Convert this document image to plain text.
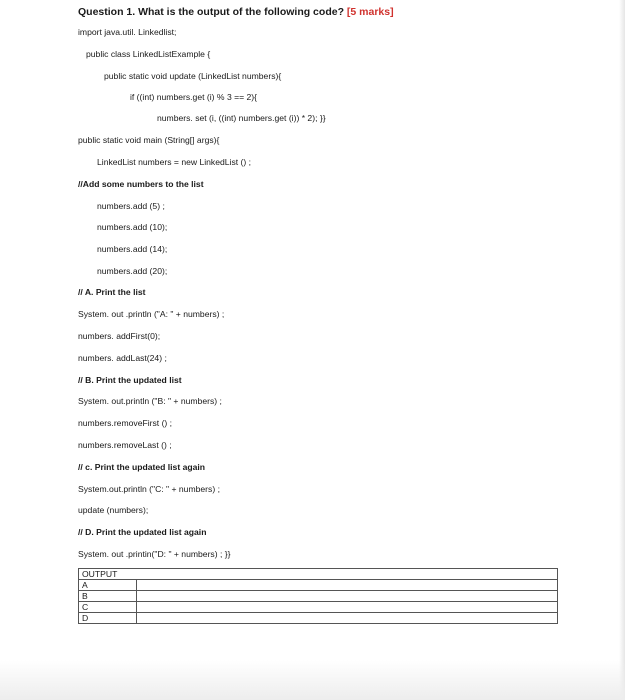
Question 1. What is the output of the following code? [5 marks]
import java.util. Linkedlist;
public class LinkedListExample {
public static void update (LinkedList numbers){
if ((int) numbers.get (i) % 3 == 2){
numbers. set (i, ((int) numbers.get (i)) * 2); }}
public static void main (String[] args){
LinkedList numbers = new LinkedList () ;
//Add some numbers to the list
numbers.add (5) ;
numbers.add (10);
numbers.add (14);
numbers.add (20);
// A. Print the list
System. out .println ("A: " + numbers) ;
numbers. addFirst(0);
numbers. addLast(24) ;
// B. Print the updated list
System. out.println ("B: " + numbers) ;
numbers.removeFirst () ;
numbers.removeLast () ;
// c. Print the updated list again
System.out.println ("C: " + numbers) ;
update (numbers);
// D. Print the updated list again
System. out .printin("D: " + numbers) ; }}
OUTPUT	
A	
B	
C	
D	
